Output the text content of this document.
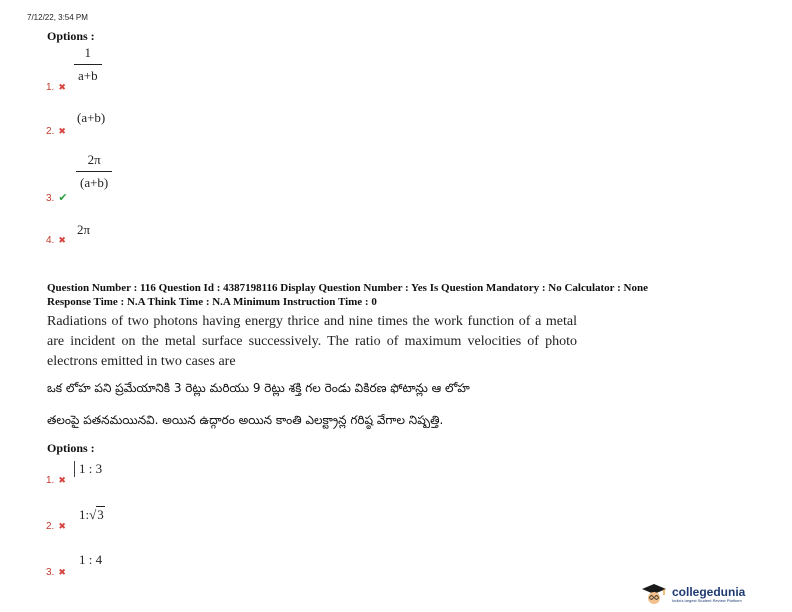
7/12/22, 3:54 PM
Options :
1. ✖
$\frac{1}{a+b}$
2. ✖
(a+b)
3. ✔
$\frac{2\pi}{(a+b)}$
4. ✖
2π
Question Number : 116 Question Id : 4387198116 Display Question Number : Yes Is Question Mandatory : No Calculator : None
Response Time : N.A Think Time : N.A Minimum Instruction Time : 0
Radiations of two photons having energy thrice and nine times the work function of a metal are incident on the metal surface successively. The ratio of maximum velocities of photo electrons emitted in two cases are
ఒక లోహ పని ప్రమేయానికి 3 రెట్లు మరియు 9 రెట్లు శక్తి గల రెండు వికిరణ ఫోటాన్లు ఆ లోహ
తలంపై పతనమయినవి. అయిన ఉద్గారం అయిన కాంతి ఎలక్ట్రాన్ల గరిష్ఠ వేగాల నిష్పత్తి.
Options :
1. ✖
1 : 3
2. ✖
1:√3
3. ✖
1 : 4
collegedunia
India's largest Student Review Platform
